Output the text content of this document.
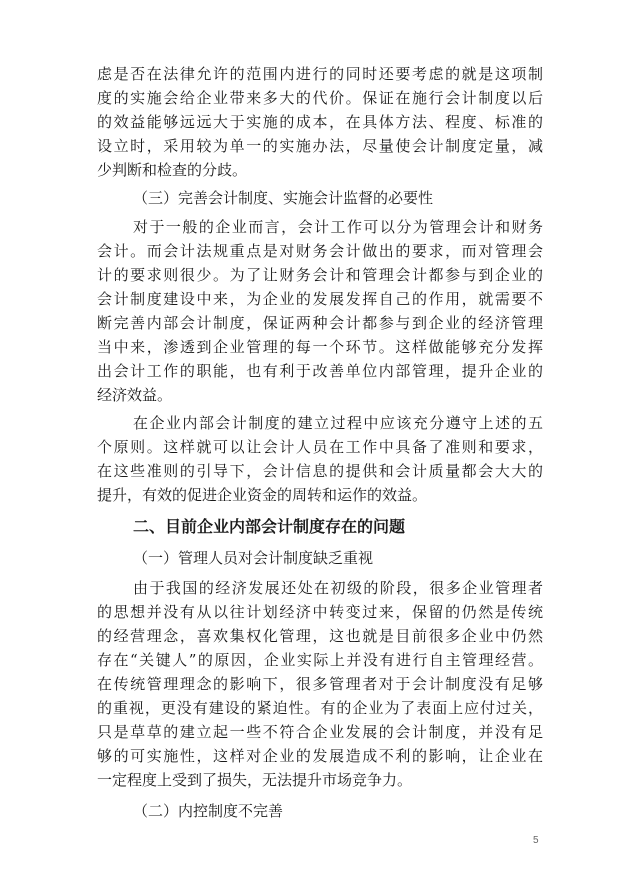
虑是否在法律允许的范围内进行的同时还要考虑的就是这项制
度的实施会给企业带来多大的代价。保证在施行会计制度以后
的效益能够远远大于实施的成本，在具体方法、程度、标准的
设立时，采用较为单一的实施办法，尽量使会计制度定量，减
少判断和检查的分歧。
（三）完善会计制度、实施会计监督的必要性
对于一般的企业而言，会计工作可以分为管理会计和财务
会计。而会计法规重点是对财务会计做出的要求，而对管理会
计的要求则很少。为了让财务会计和管理会计都参与到企业的
会计制度建设中来，为企业的发展发挥自己的作用，就需要不
断完善内部会计制度，保证两种会计都参与到企业的经济管理
当中来，渗透到企业管理的每一个环节。这样做能够充分发挥
出会计工作的职能，也有利于改善单位内部管理，提升企业的
经济效益。
在企业内部会计制度的建立过程中应该充分遵守上述的五
个原则。这样就可以让会计人员在工作中具备了准则和要求，
在这些准则的引导下，会计信息的提供和会计质量都会大大的
提升，有效的促进企业资金的周转和运作的效益。
二、目前企业内部会计制度存在的问题
（一）管理人员对会计制度缺乏重视
由于我国的经济发展还处在初级的阶段，很多企业管理者
的思想并没有从以往计划经济中转变过来，保留的仍然是传统
的经营理念，喜欢集权化管理，这也就是目前很多企业中仍然
存在“关键人”的原因，企业实际上并没有进行自主管理经营。
在传统管理理念的影响下，很多管理者对于会计制度没有足够
的重视，更没有建设的紧迫性。有的企业为了表面上应付过关，
只是草草的建立起一些不符合企业发展的会计制度，并没有足
够的可实施性，这样对企业的发展造成不利的影响，让企业在
一定程度上受到了损失，无法提升市场竞争力。
（二）内控制度不完善
5
